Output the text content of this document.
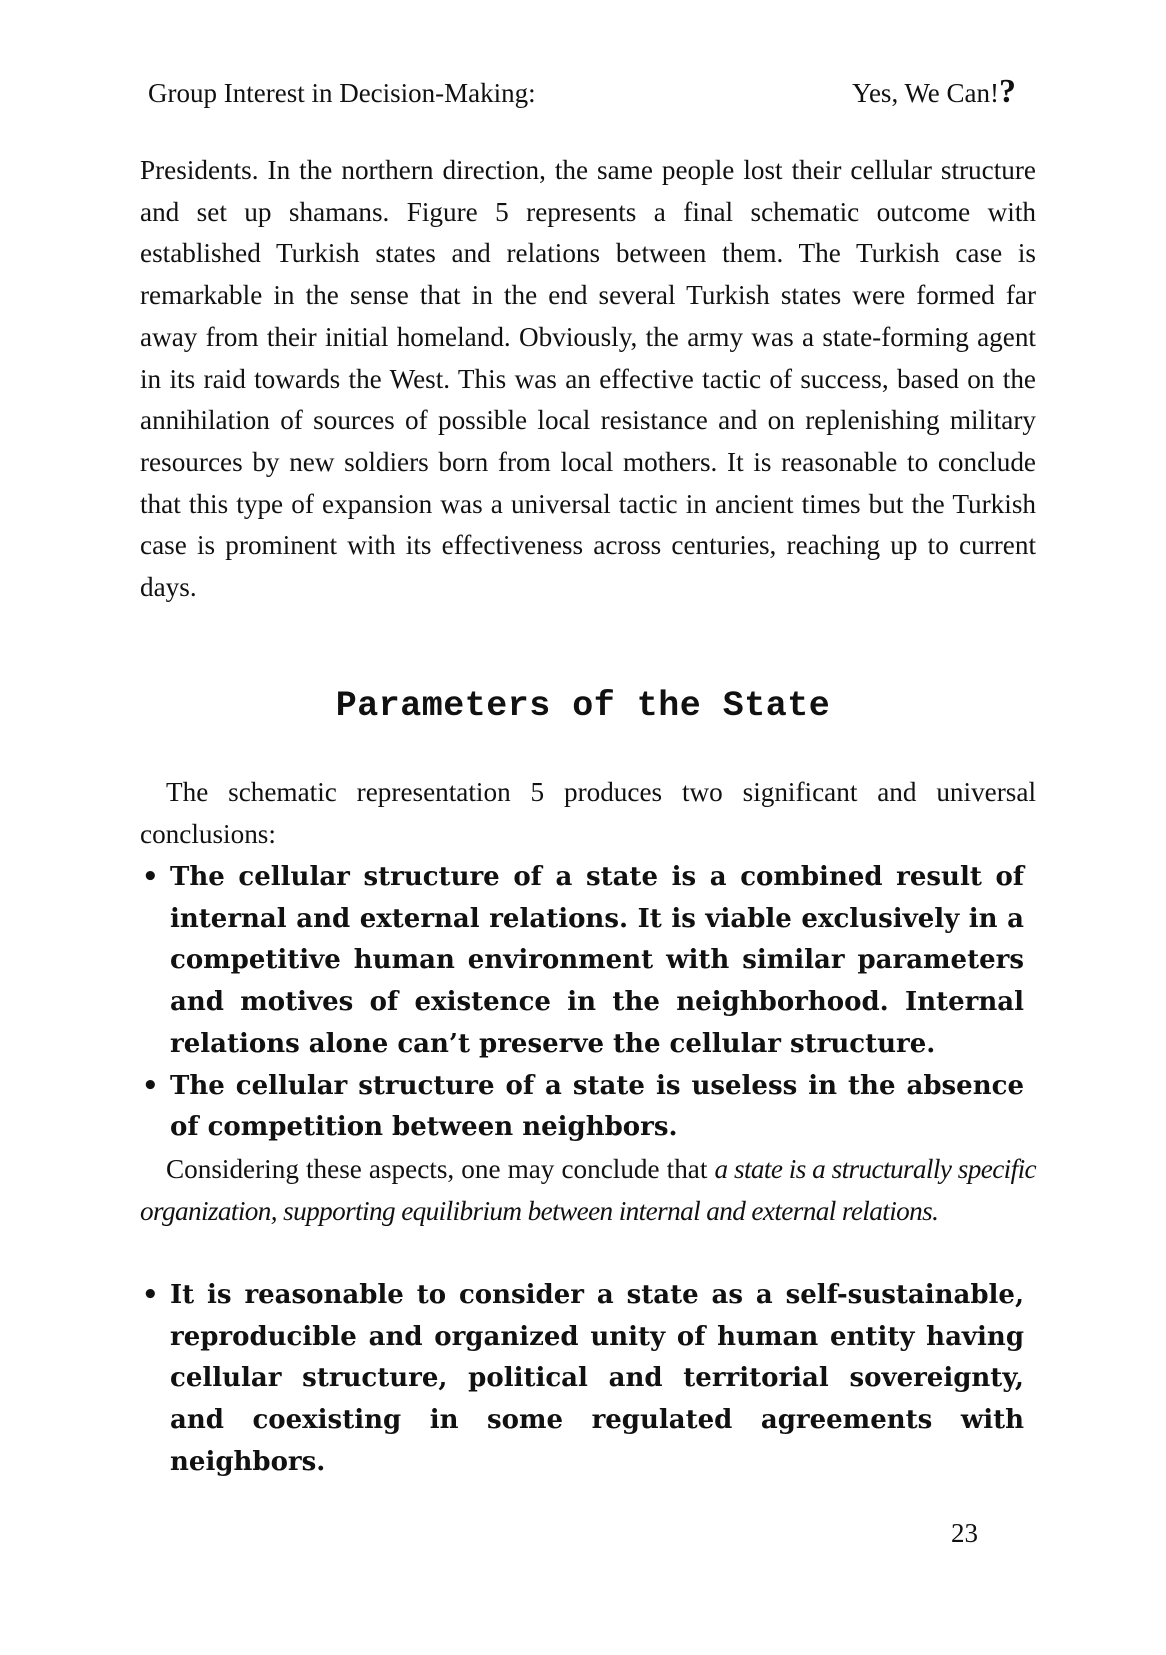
Group Interest in Decision-Making:	Yes, We Can!?

Presidents. In the northern direction, the same people lost their cellular structure and set up shamans. Figure 5 represents a final schematic outcome with established Turkish states and relations between them. The Turkish case is remarkable in the sense that in the end several Turkish states were formed far away from their initial homeland. Obviously, the army was a state-forming agent in its raid towards the West. This was an effective tactic of success, based on the annihilation of sources of possible local resistance and on replenishing military resources by new soldiers born from local mothers. It is reasonable to conclude that this type of expansion was a universal tactic in ancient times but the Turkish case is prominent with its effectiveness across centuries, reaching up to current days.

Parameters of the State

The schematic representation 5 produces two significant and universal conclusions:

• The cellular structure of a state is a combined result of internal and external relations. It is viable exclusively in a competitive human environment with similar parameters and motives of existence in the neighborhood. Internal relations alone can’t preserve the cellular structure.
• The cellular structure of a state is useless in the absence of competition between neighbors.

Considering these aspects, one may conclude that a state is a structurally specific organization, supporting equilibrium between internal and external relations.

• It is reasonable to consider a state as a self-sustainable, reproducible and organized unity of human entity having cellular structure, political and territorial sovereignty, and coexisting in some regulated agreements with neighbors.
23
